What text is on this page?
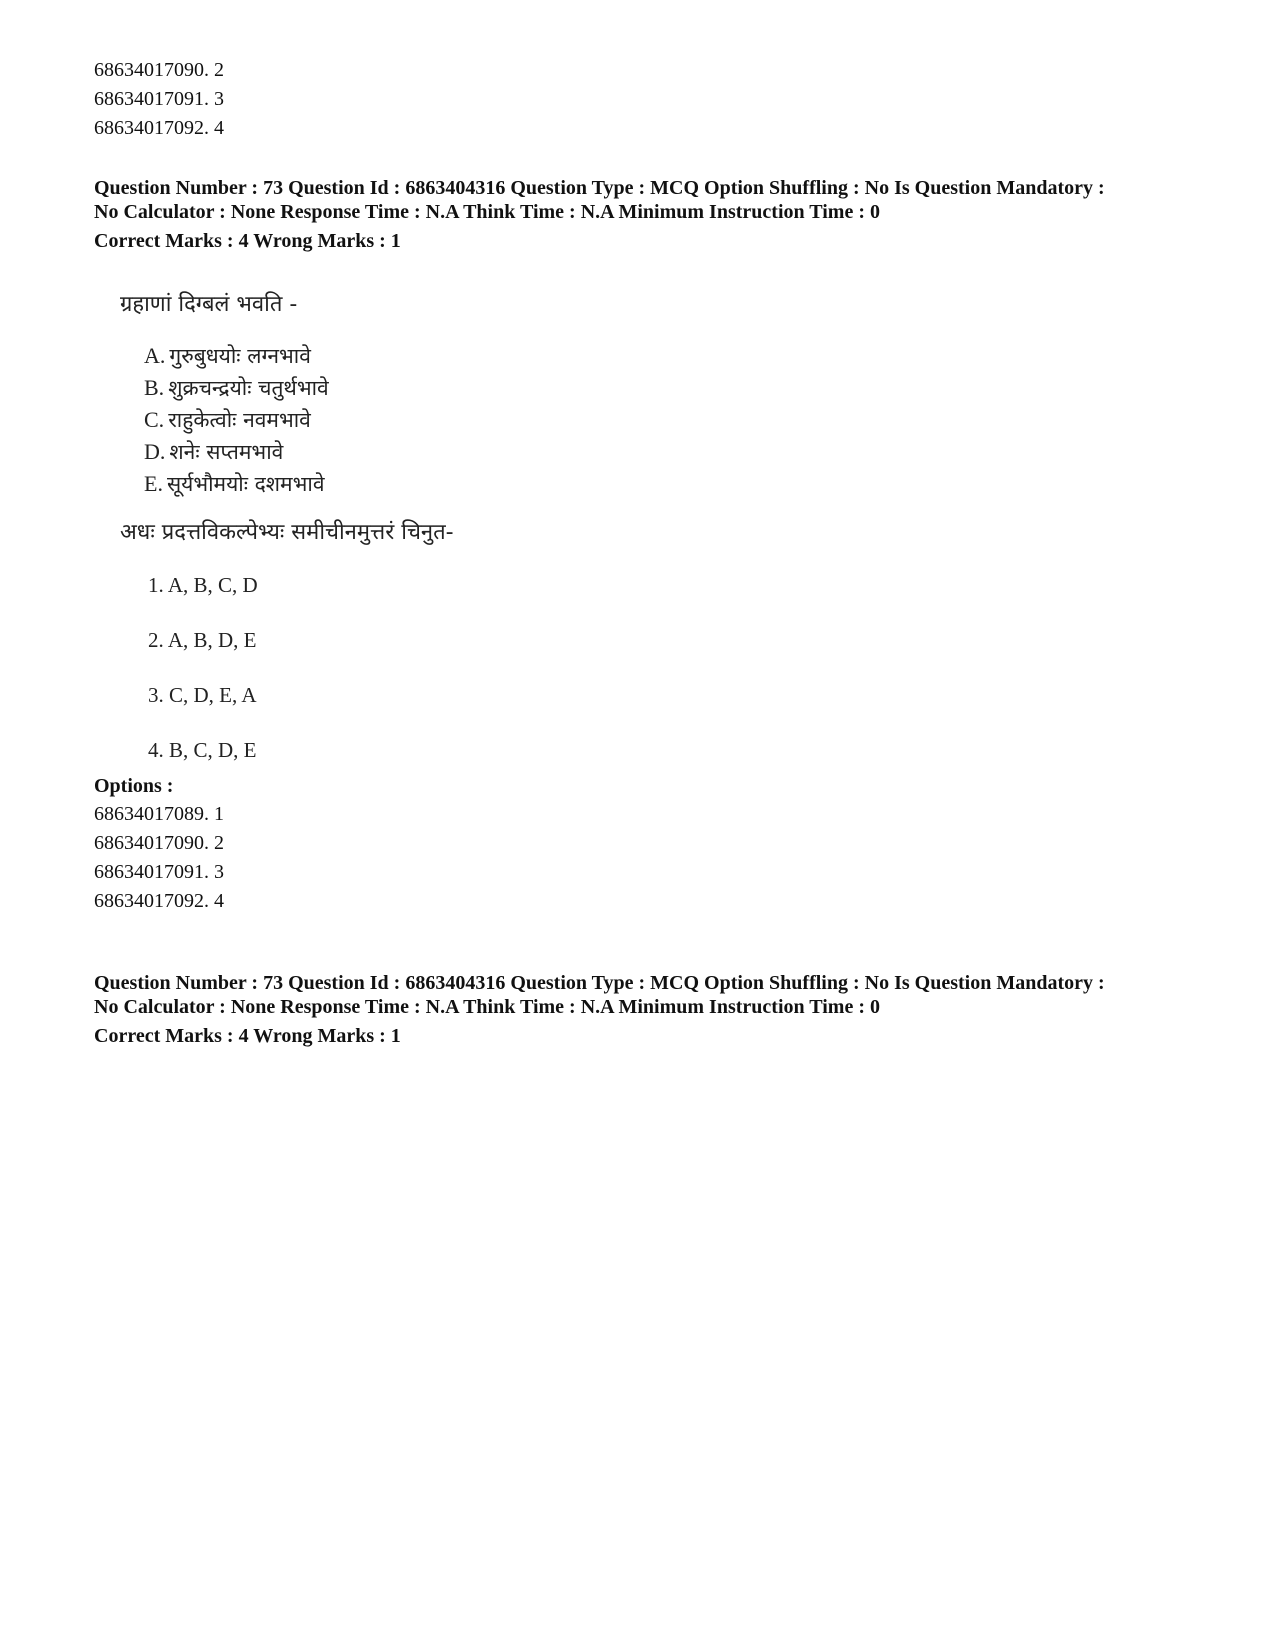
68634017090. 2

68634017091. 3

68634017092. 4

Question Number : 73 Question Id : 6863404316 Question Type : MCQ Option Shuffling : No Is Question Mandatory :

No Calculator : None Response Time : N.A Think Time : N.A Minimum Instruction Time : 0

Correct Marks : 4 Wrong Marks : 1

ग्रहाणां दिग्बलं भवति -

A. गुरुबुधयोः लग्नभावे
B. शुक्रचन्द्रयोः चतुर्थभावे
C. राहुकेत्वोः नवमभावे
D. शनेः सप्तमभावे
E. सूर्यभौमयोः दशमभावे

अधः प्रदत्तविकल्पेभ्यः समीचीनमुत्तरं चिनुत-

1. A, B, C, D
2. A, B, D, E
3. C, D, E, A
4. B, C, D, E

Options :

68634017089. 1

68634017090. 2

68634017091. 3

68634017092. 4

Question Number : 73 Question Id : 6863404316 Question Type : MCQ Option Shuffling : No Is Question Mandatory :

No Calculator : None Response Time : N.A Think Time : N.A Minimum Instruction Time : 0

Correct Marks : 4 Wrong Marks : 1
